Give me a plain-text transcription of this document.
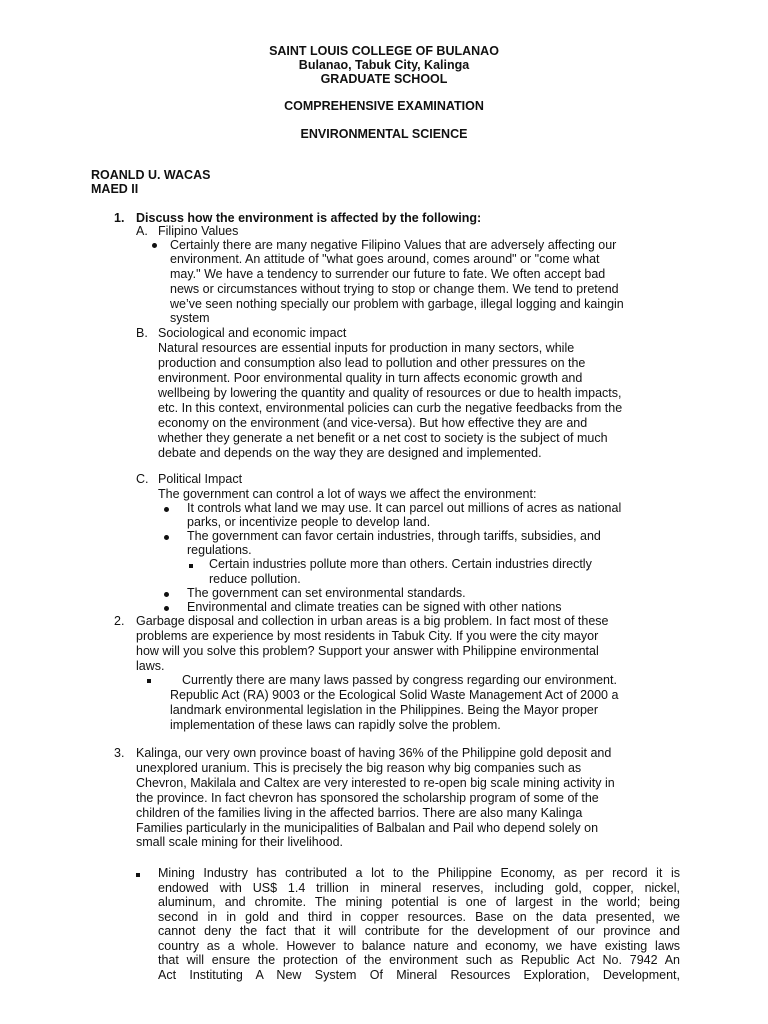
SAINT LOUIS COLLEGE OF BULANAO
Bulanao, Tabuk City, Kalinga
GRADUATE SCHOOL
COMPREHENSIVE EXAMINATION
ENVIRONMENTAL SCIENCE
ROANLD U. WACAS
MAED II
1. Discuss how the environment is affected by the following:
A. Filipino Values
Certainly there are many negative Filipino Values that are adversely affecting our
environment. An attitude of "what goes around, comes around" or "come what
may." We have a tendency to surrender our future to fate. We often accept bad
news or circumstances without trying to stop or change them. We tend to pretend
we’ve seen nothing specially our problem with garbage, illegal logging and kaingin
system
B. Sociological and economic impact
Natural resources are essential inputs for production in many sectors, while
production and consumption also lead to pollution and other pressures on the
environment. Poor environmental quality in turn affects economic growth and
wellbeing by lowering the quantity and quality of resources or due to health impacts,
etc. In this context, environmental policies can curb the negative feedbacks from the
economy on the environment (and vice-versa). But how effective they are and
whether they generate a net benefit or a net cost to society is the subject of much
debate and depends on the way they are designed and implemented.
C. Political Impact
The government can control a lot of ways we affect the environment:
It controls what land we may use. It can parcel out millions of acres as national
parks, or incentivize people to develop land.
The government can favor certain industries, through tariffs, subsidies, and
regulations.
Certain industries pollute more than others. Certain industries directly
reduce pollution.
The government can set environmental standards.
Environmental and climate treaties can be signed with other nations
2. Garbage disposal and collection in urban areas is a big problem. In fact most of these
problems are experience by most residents in Tabuk City. If you were the city mayor
how will you solve this problem? Support your answer with Philippine environmental
laws.
Currently there are many laws passed by congress regarding our environment.
Republic Act (RA) 9003 or the Ecological Solid Waste Management Act of 2000 a
landmark environmental legislation in the Philippines. Being the Mayor proper
implementation of these laws can rapidly solve the problem.
3. Kalinga, our very own province boast of having 36% of the Philippine gold deposit and
unexplored uranium. This is precisely the big reason why big companies such as
Chevron, Makilala and Caltex are very interested to re-open big scale mining activity in
the province. In fact chevron has sponsored the scholarship program of some of the
children of the families living in the affected barrios. There are also many Kalinga
Families particularly in the municipalities of Balbalan and Pail who depend solely on
small scale mining for their livelihood.
Mining Industry has contributed a lot to the Philippine Economy, as per record it is
endowed with US$ 1.4 trillion in mineral reserves, including gold, copper, nickel,
aluminum, and chromite. The mining potential is one of largest in the world; being
second in in gold and third in copper resources. Base on the data presented, we
cannot deny the fact that it will contribute for the development of our province and
country as a whole. However to balance nature and economy, we have existing laws
that will ensure the protection of the environment such as Republic Act No. 7942 An
Act Instituting A New System Of Mineral Resources Exploration, Development,
